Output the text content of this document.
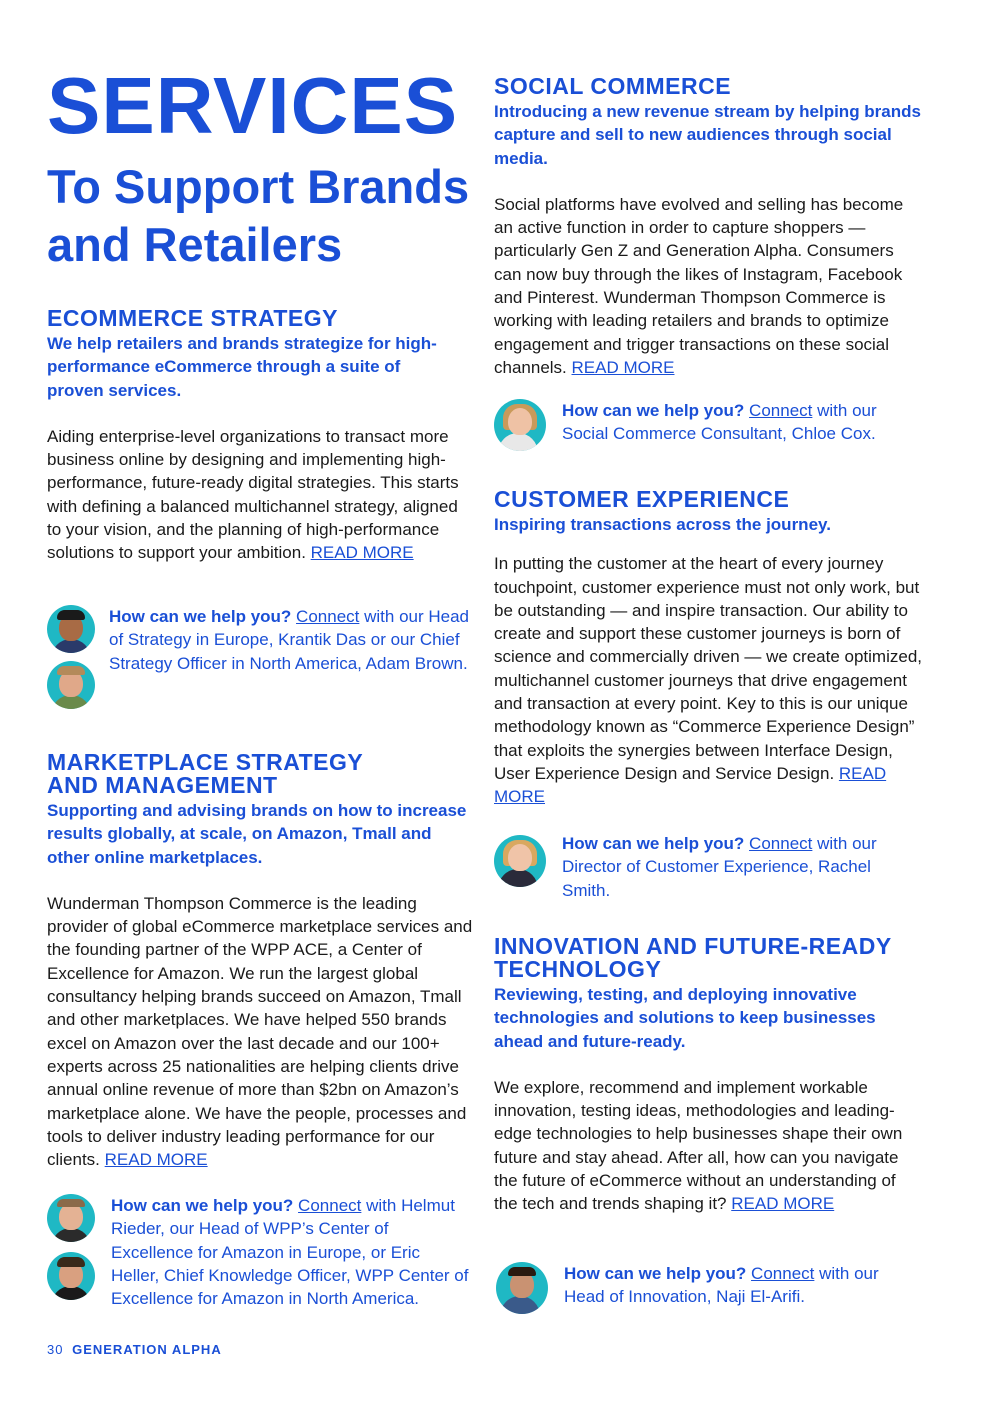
SERVICES
To Support Brands and Retailers
ECOMMERCE STRATEGY

We help retailers and brands strategize for high-performance eCommerce through a suite of proven services.

Aiding enterprise-level organizations to transact more business online by designing and implementing high-performance, future-ready digital strategies. This starts with defining a balanced multichannel strategy, aligned to your vision, and the planning of high-performance solutions to support your ambition. READ MORE

How can we help you? Connect with our Head of Strategy in Europe, Krantik Das or our Chief Strategy Officer in North America, Adam Brown.
MARKETPLACE STRATEGY AND MANAGEMENT

Supporting and advising brands on how to increase results globally, at scale, on Amazon, Tmall and other online marketplaces.

Wunderman Thompson Commerce is the leading provider of global eCommerce marketplace services and the founding partner of the WPP ACE, a Center of Excellence for Amazon. We run the largest global consultancy helping brands succeed on Amazon, Tmall and other marketplaces. We have helped 550 brands excel on Amazon over the last decade and our 100+ experts across 25 nationalities are helping clients drive annual online revenue of more than $2bn on Amazon’s marketplace alone. We have the people, processes and tools to deliver industry leading performance for our clients. READ MORE

How can we help you? Connect with Helmut Rieder, our Head of WPP’s Center of Excellence for Amazon in Europe, or Eric Heller, Chief Knowledge Officer, WPP Center of Excellence for Amazon in North America.
SOCIAL COMMERCE

Introducing a new revenue stream by helping brands capture and sell to new audiences through social media.

Social platforms have evolved and selling has become an active function in order to capture shoppers — particularly Gen Z and Generation Alpha. Consumers can now buy through the likes of Instagram, Facebook and Pinterest. Wunderman Thompson Commerce is working with leading retailers and brands to optimize engagement and trigger transactions on these social channels. READ MORE

How can we help you? Connect with our Social Commerce Consultant, Chloe Cox.
CUSTOMER EXPERIENCE

Inspiring transactions across the journey.

In putting the customer at the heart of every journey touchpoint, customer experience must not only work, but be outstanding — and inspire transaction. Our ability to create and support these customer journeys is born of science and commercially driven — we create optimized, multichannel customer journeys that drive engagement and transaction at every point. Key to this is our unique methodology known as “Commerce Experience Design” that exploits the synergies between Interface Design, User Experience Design and Service Design. READ MORE

How can we help you? Connect with our Director of Customer Experience, Rachel Smith.
INNOVATION AND FUTURE-READY TECHNOLOGY

Reviewing, testing, and deploying innovative technologies and solutions to keep businesses ahead and future-ready.

We explore, recommend and implement workable innovation, testing ideas, methodologies and leading-edge technologies to help businesses shape their own future and stay ahead. After all, how can you navigate the future of eCommerce without an understanding of the tech and trends shaping it? READ MORE

How can we help you? Connect with our Head of Innovation, Naji El-Arifi.
30 GENERATION ALPHA
